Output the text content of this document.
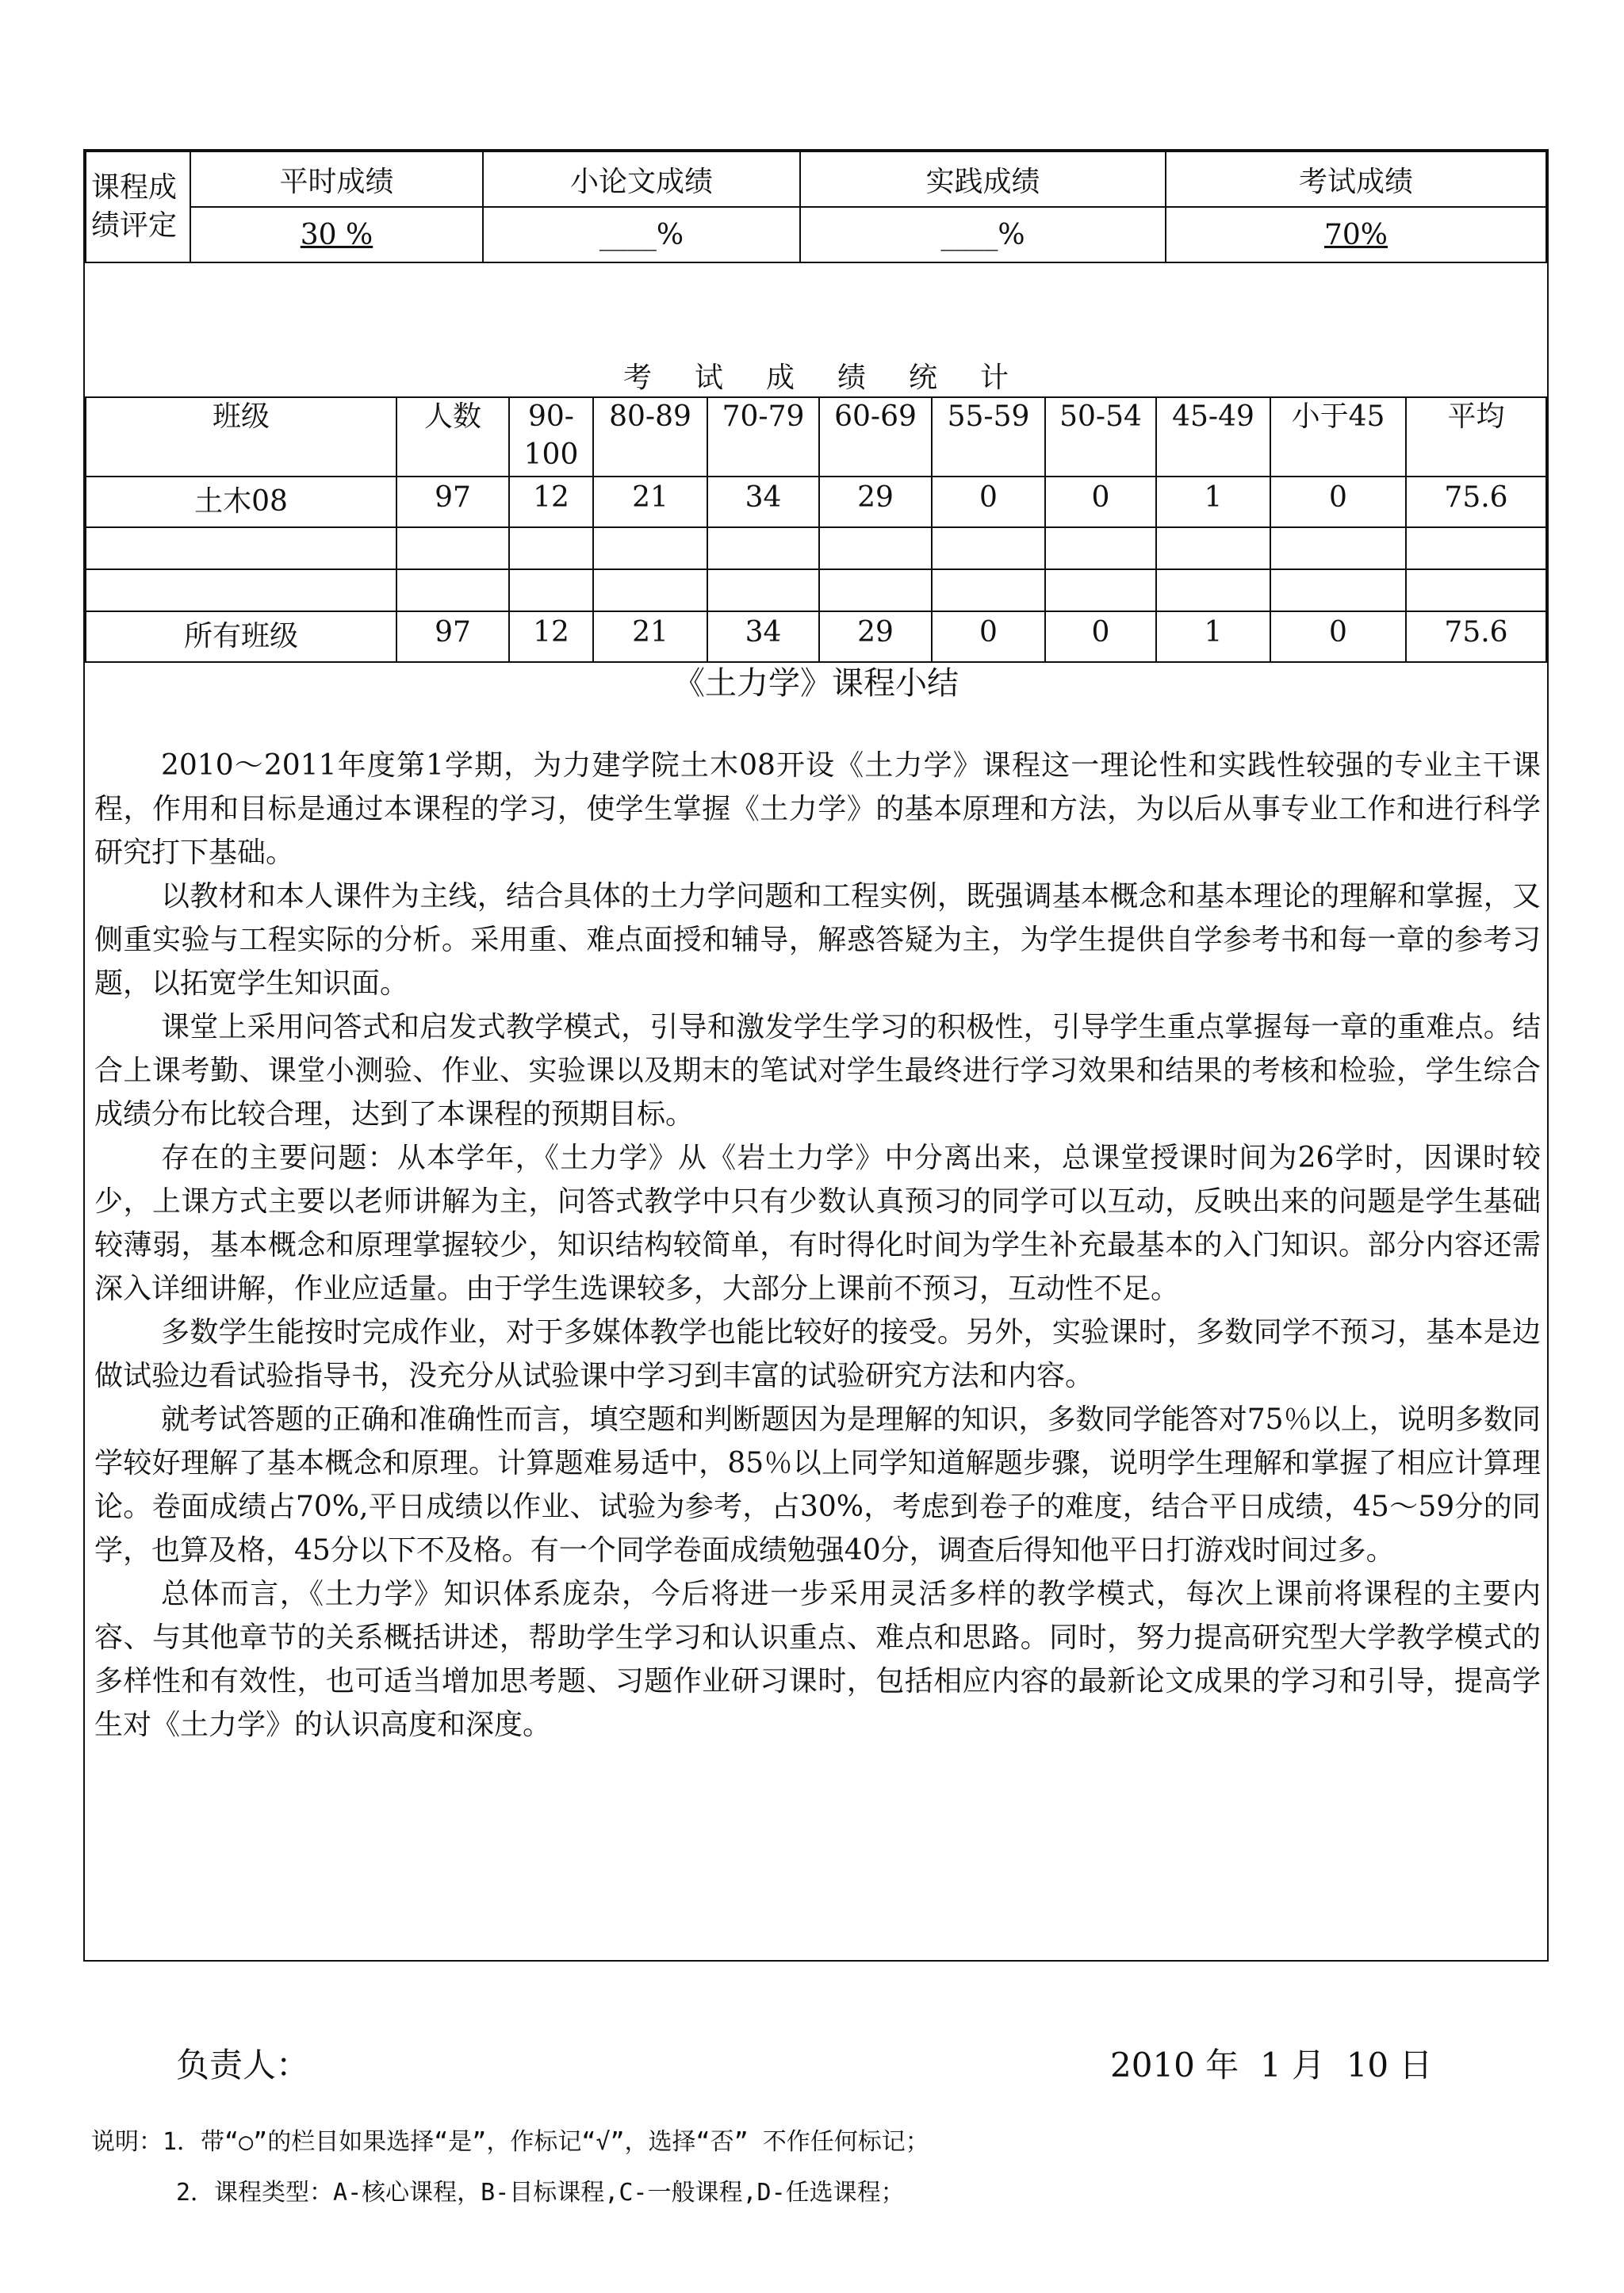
课程成绩评定	平时成绩	小论文成绩	实践成绩	考试成绩
	30 %	____%	____%	70%
考试成绩统计
班级	人数	90-100	80-89	70-79	60-69	55-59	50-54	45-49	小于45	平均
土木08	97	12	21	34	29	0	0	1	0	75.6

所有班级	97	12	21	34	29	0	0	1	0	75.6
《土力学》课程小结

2010～2011年度第1学期，为力建学院土木08开设《土力学》课程这一理论性和实践性较强的专业主干课程，作用和目标是通过本课程的学习，使学生掌握《土力学》的基本原理和方法，为以后从事专业工作和进行科学研究打下基础。

以教材和本人课件为主线，结合具体的土力学问题和工程实例，既强调基本概念和基本理论的理解和掌握，又侧重实验与工程实际的分析。采用重、难点面授和辅导，解惑答疑为主，为学生提供自学参考书和每一章的参考习题，以拓宽学生知识面。

课堂上采用问答式和启发式教学模式，引导和激发学生学习的积极性，引导学生重点掌握每一章的重难点。结合上课考勤、课堂小测验、作业、实验课以及期末的笔试对学生最终进行学习效果和结果的考核和检验，学生综合成绩分布比较合理，达到了本课程的预期目标。

存在的主要问题：从本学年，《土力学》从《岩土力学》中分离出来，总课堂授课时间为26学时，因课时较少，上课方式主要以老师讲解为主，问答式教学中只有少数认真预习的同学可以互动，反映出来的问题是学生基础较薄弱，基本概念和原理掌握较少，知识结构较简单，有时得化时间为学生补充最基本的入门知识。部分内容还需深入详细讲解，作业应适量。由于学生选课较多，大部分上课前不预习，互动性不足。

多数学生能按时完成作业，对于多媒体教学也能比较好的接受。另外，实验课时，多数同学不预习，基本是边做试验边看试验指导书，没充分从试验课中学习到丰富的试验研究方法和内容。

就考试答题的正确和准确性而言，填空题和判断题因为是理解的知识，多数同学能答对75％以上，说明多数同学较好理解了基本概念和原理。计算题难易适中，85％以上同学知道解题步骤，说明学生理解和掌握了相应计算理论。卷面成绩占70%,平日成绩以作业、试验为参考，占30%，考虑到卷子的难度，结合平日成绩，45～59分的同学，也算及格，45分以下不及格。有一个同学卷面成绩勉强40分，调查后得知他平日打游戏时间过多。

总体而言，《土力学》知识体系庞杂，今后将进一步采用灵活多样的教学模式，每次上课前将课程的主要内容、与其他章节的关系概括讲述，帮助学生学习和认识重点、难点和思路。同时，努力提高研究型大学教学模式的多样性和有效性，也可适当增加思考题、习题作业研习课时，包括相应内容的最新论文成果的学习和引导，提高学生对《土力学》的认识高度和深度。

负责人：	2010 年  1 月  10 日
说明：1．带“○”的栏目如果选择“是”，作标记“√”，选择“否” 不作任何标记；
2．课程类型：A-核心课程，B-目标课程,C-一般课程,D-任选课程；
